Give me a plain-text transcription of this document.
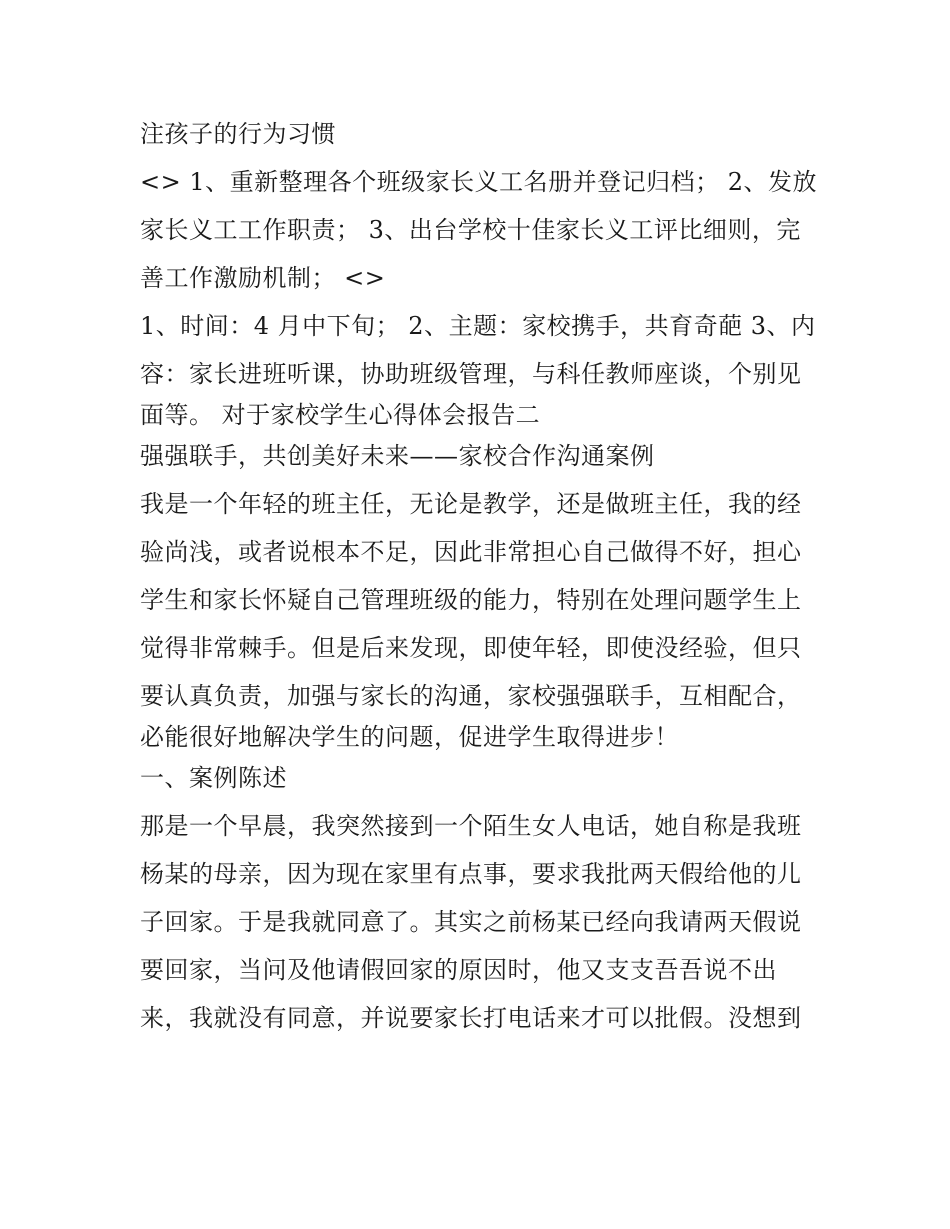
注孩子的行为习惯
<> 1、重新整理各个班级家长义工名册并登记归档； 2、发放
家长义工工作职责； 3、出台学校十佳家长义工评比细则，完
善工作激励机制； <>
1、时间：4 月中下旬； 2、主题：家校携手，共育奇葩 3、内
容：家长进班听课，协助班级管理，与科任教师座谈，个别见
面等。 对于家校学生心得体会报告二
强强联手，共创美好未来——家校合作沟通案例
我是一个年轻的班主任，无论是教学，还是做班主任，我的经
验尚浅，或者说根本不足，因此非常担心自己做得不好，担心
学生和家长怀疑自己管理班级的能力，特别在处理问题学生上
觉得非常棘手。但是后来发现，即使年轻，即使没经验，但只
要认真负责，加强与家长的沟通，家校强强联手，互相配合，
必能很好地解决学生的问题，促进学生取得进步！
一、案例陈述
那是一个早晨，我突然接到一个陌生女人电话，她自称是我班
杨某的母亲，因为现在家里有点事，要求我批两天假给他的儿
子回家。于是我就同意了。其实之前杨某已经向我请两天假说
要回家，当问及他请假回家的原因时，他又支支吾吾说不出
来，我就没有同意，并说要家长打电话来才可以批假。没想到
